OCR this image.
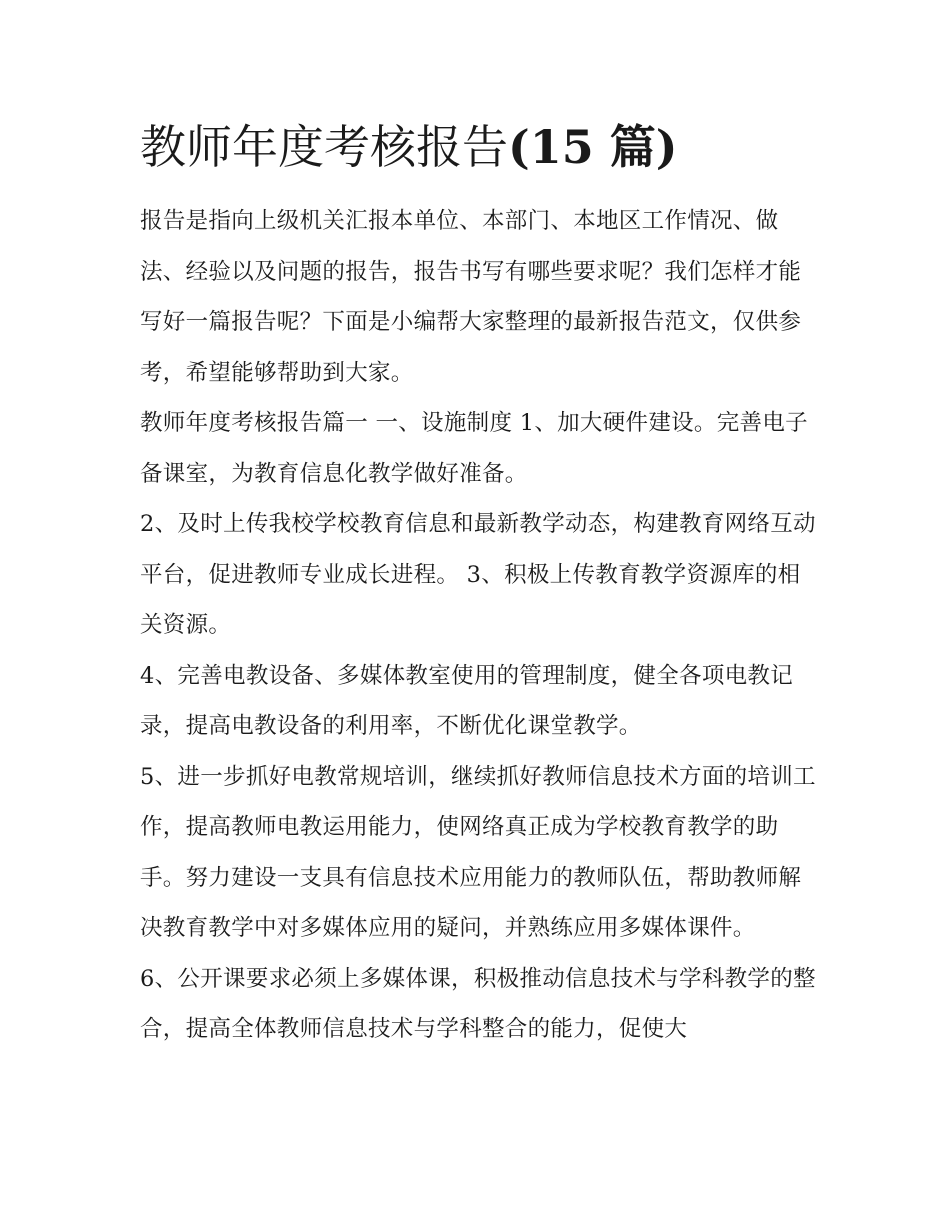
教师年度考核报告(15 篇)

报告是指向上级机关汇报本单位、本部门、本地区工作情况、做法、经验以及问题的报告，报告书写有哪些要求呢？我们怎样才能写好一篇报告呢？下面是小编帮大家整理的最新报告范文，仅供参考，希望能够帮助到大家。

教师年度考核报告篇一 一、设施制度 1、加大硬件建设。完善电子备课室，为教育信息化教学做好准备。

2、及时上传我校学校教育信息和最新教学动态，构建教育网络互动平台，促进教师专业成长进程。 3、积极上传教育教学资源库的相关资源。

4、完善电教设备、多媒体教室使用的管理制度，健全各项电教记录，提高电教设备的利用率，不断优化课堂教学。

5、进一步抓好电教常规培训，继续抓好教师信息技术方面的培训工作，提高教师电教运用能力，使网络真正成为学校教育教学的助手。努力建设一支具有信息技术应用能力的教师队伍，帮助教师解决教育教学中对多媒体应用的疑问，并熟练应用多媒体课件。

6、公开课要求必须上多媒体课，积极推动信息技术与学科教学的整合，提高全体教师信息技术与学科整合的能力，促使大
